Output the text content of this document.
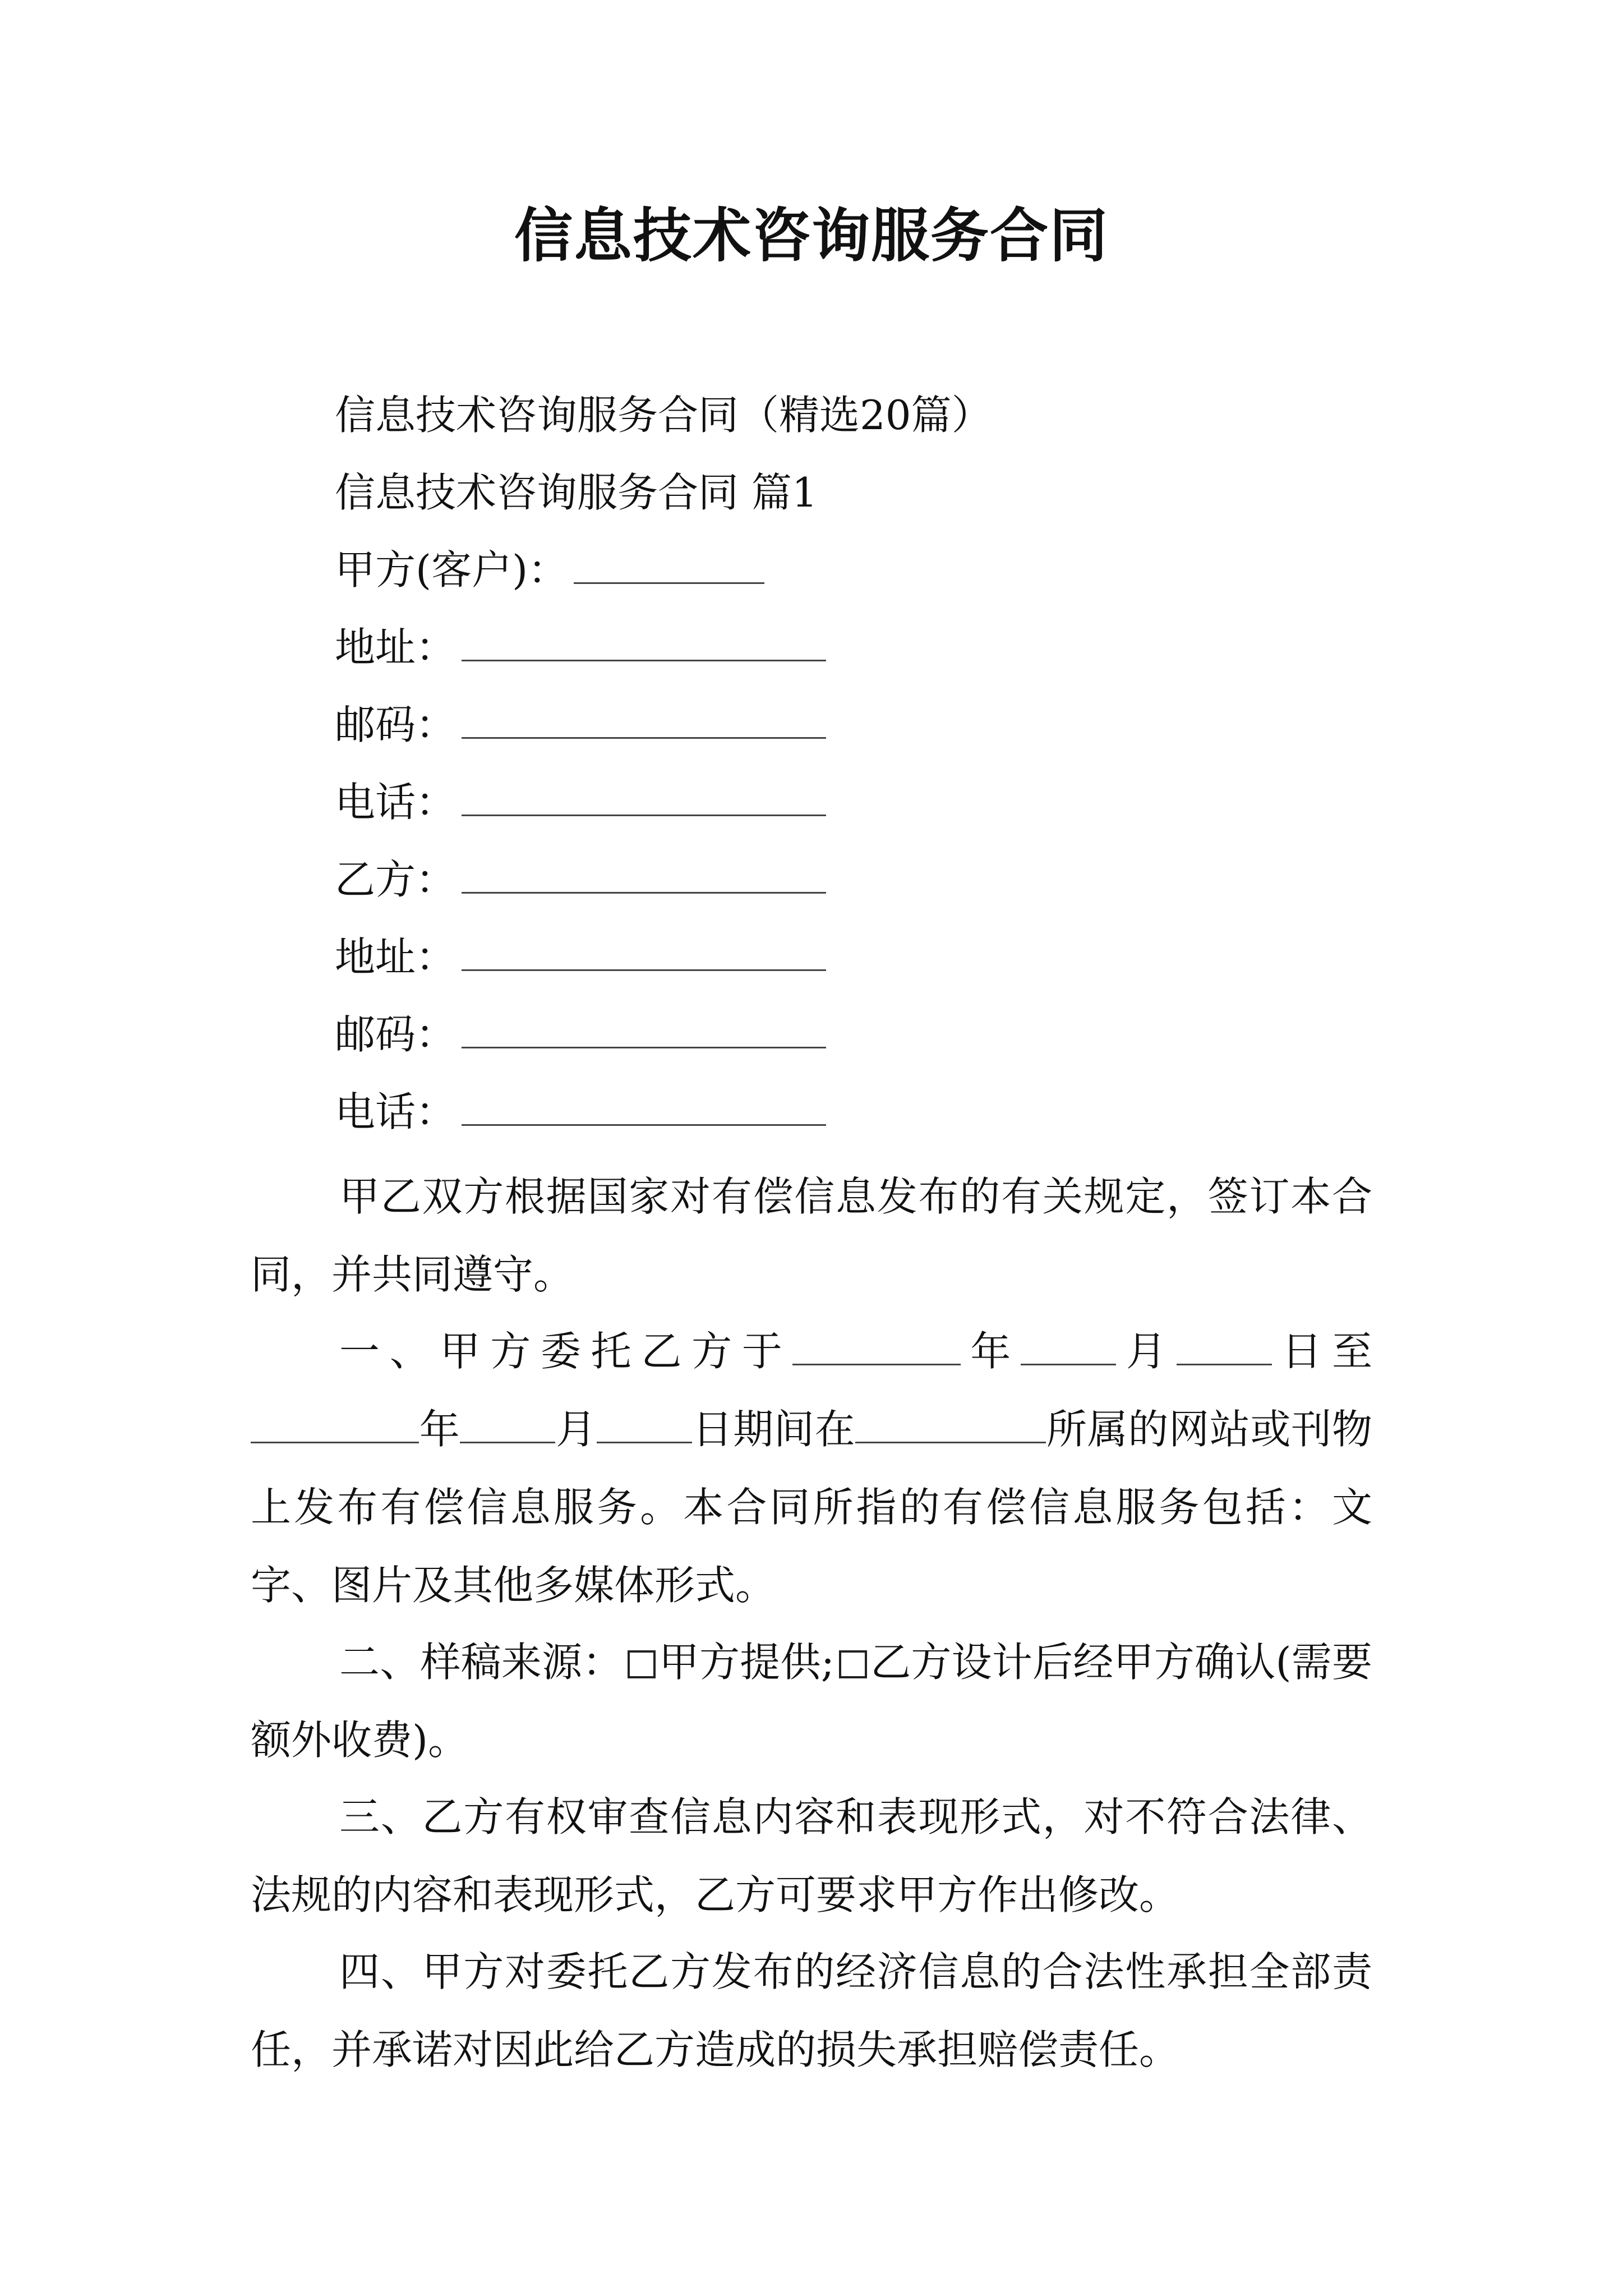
信息技术咨询服务合同
信息技术咨询服务合同（精选20篇）
信息技术咨询服务合同 篇1
甲方(客户)：
地址：
邮码：
电话：
乙方：
地址：
邮码：
电话：
甲乙双方根据国家对有偿信息发布的有关规定，签订本合同，并共同遵守。
一、甲方委托乙方于	年 月 日至年 月 日期间在	所属的网站或刊物上发布有偿信息服务。本合同所指的有偿信息服务包括：文字、图片及其他多媒体形式。
二、样稿来源： 甲方提供; 乙方设计后经甲方确认(需要额外收费)。
三、乙方有权审查信息内容和表现形式，对不符合法律、法规的内容和表现形式，乙方可要求甲方作出修改。
四、甲方对委托乙方发布的经济信息的合法性承担全部责任，并承诺对因此给乙方造成的损失承担赔偿责任。
